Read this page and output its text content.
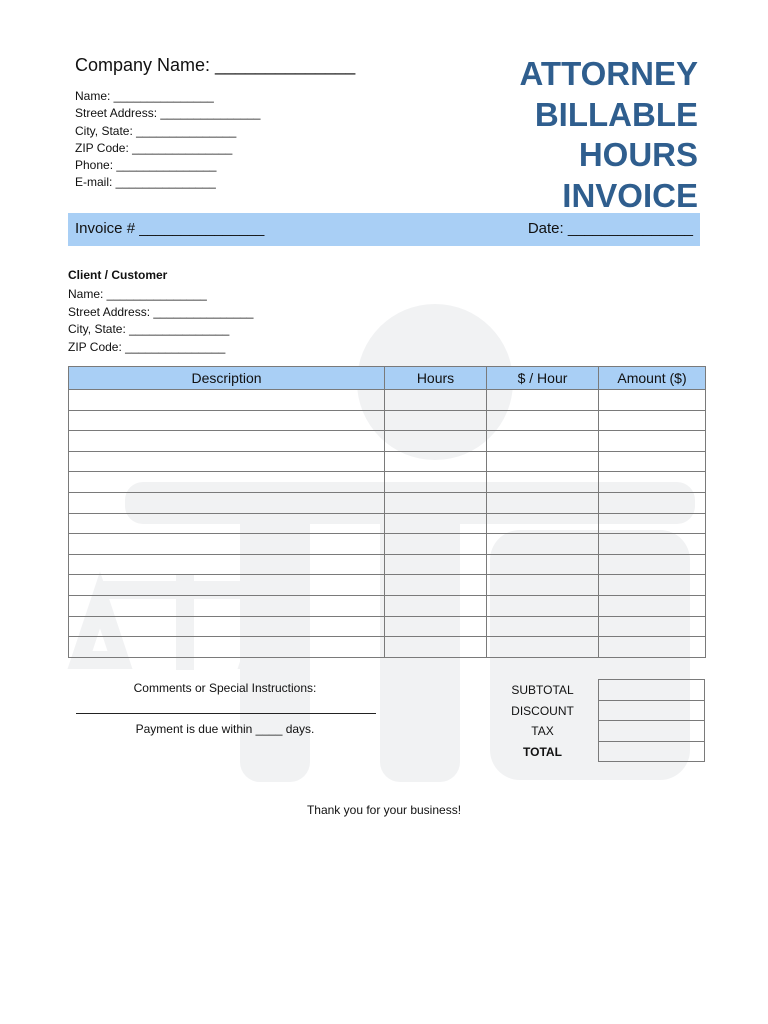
Company Name: ______________
Name: _______________
Street Address: _______________
City, State: _______________
ZIP Code: _______________
Phone: _______________
E-mail: _______________
ATTORNEY
BILLABLE
HOURS
INVOICE
Invoice # _______________	Date: _______________
Client / Customer
Name: _______________
Street Address: _______________
City, State: _______________
ZIP Code: _______________
Description	Hours	$ / Hour	Amount ($)

Comments or Special Instructions:
Payment is due within ____ days.
SUBTOTAL
DISCOUNT
TAX
TOTAL

Thank you for your business!
